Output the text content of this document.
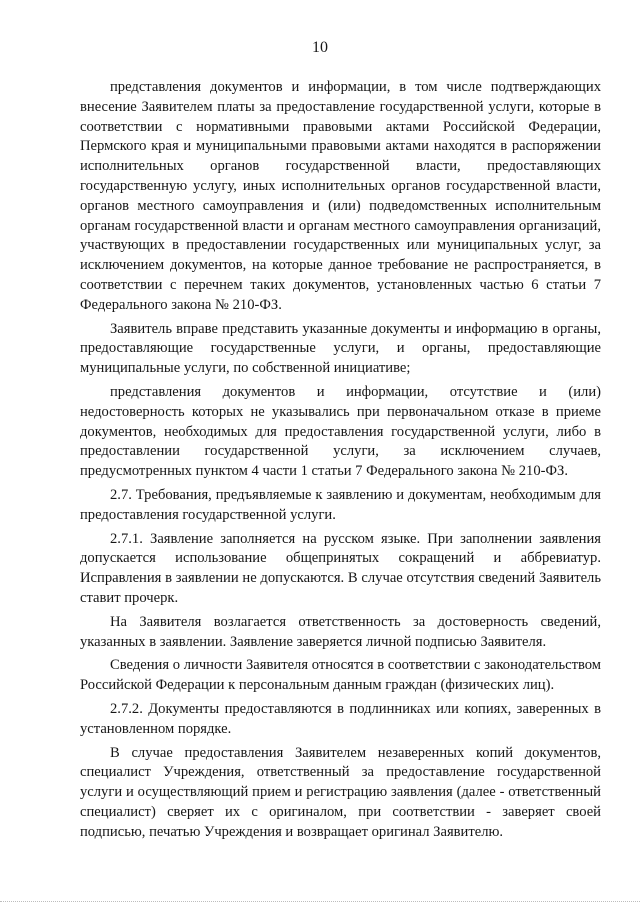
10

представления документов и информации, в том числе подтверждающих внесение Заявителем платы за предоставление государственной услуги, которые в соответствии с нормативными правовыми актами Российской Федерации, Пермского края и муниципальными правовыми актами находятся в распоряжении исполнительных органов государственной власти, предоставляющих государственную услугу, иных исполнительных органов государственной власти, органов местного самоуправления и (или) подведомственных исполнительным органам государственной власти и органам местного самоуправления организаций, участвующих в предоставлении государственных или муниципальных услуг, за исключением документов, на которые данное требование не распространяется, в соответствии с перечнем таких документов, установленных частью 6 статьи 7 Федерального закона № 210-ФЗ.

Заявитель вправе представить указанные документы и информацию в органы, предоставляющие государственные услуги, и органы, предоставляющие муниципальные услуги, по собственной инициативе;

представления документов и информации, отсутствие и (или) недостоверность которых не указывались при первоначальном отказе в приеме документов, необходимых для предоставления государственной услуги, либо в предоставлении государственной услуги, за исключением случаев, предусмотренных пунктом 4 части 1 статьи 7 Федерального закона № 210-ФЗ.

2.7. Требования, предъявляемые к заявлению и документам, необходимым для предоставления государственной услуги.

2.7.1. Заявление заполняется на русском языке. При заполнении заявления допускается использование общепринятых сокращений и аббревиатур. Исправления в заявлении не допускаются. В случае отсутствия сведений Заявитель ставит прочерк.

На Заявителя возлагается ответственность за достоверность сведений, указанных в заявлении. Заявление заверяется личной подписью Заявителя.

Сведения о личности Заявителя относятся в соответствии с законодательством Российской Федерации к персональным данным граждан (физических лиц).

2.7.2. Документы предоставляются в подлинниках или копиях, заверенных в установленном порядке.

В случае предоставления Заявителем незаверенных копий документов, специалист Учреждения, ответственный за предоставление государственной услуги и осуществляющий прием и регистрацию заявления (далее - ответственный специалист) сверяет их с оригиналом, при соответствии - заверяет своей подписью, печатью Учреждения и возвращает оригинал Заявителю.
